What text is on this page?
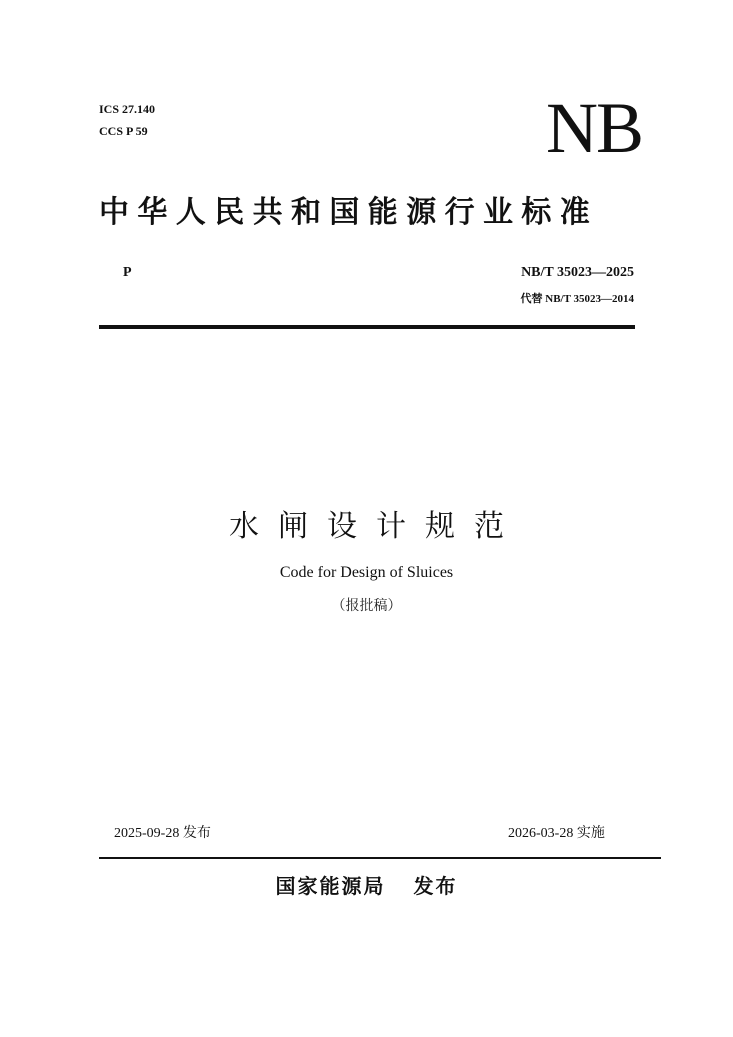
ICS 27.140
CCS P 59	NB
中华人民共和国能源行业标准
P	NB/T 35023—2025
代替 NB/T 35023—2014
水闸设计规范
Code for Design of Sluices
（报批稿）
2025-09-28 发布	2026-03-28 实施
国家能源局 发布
